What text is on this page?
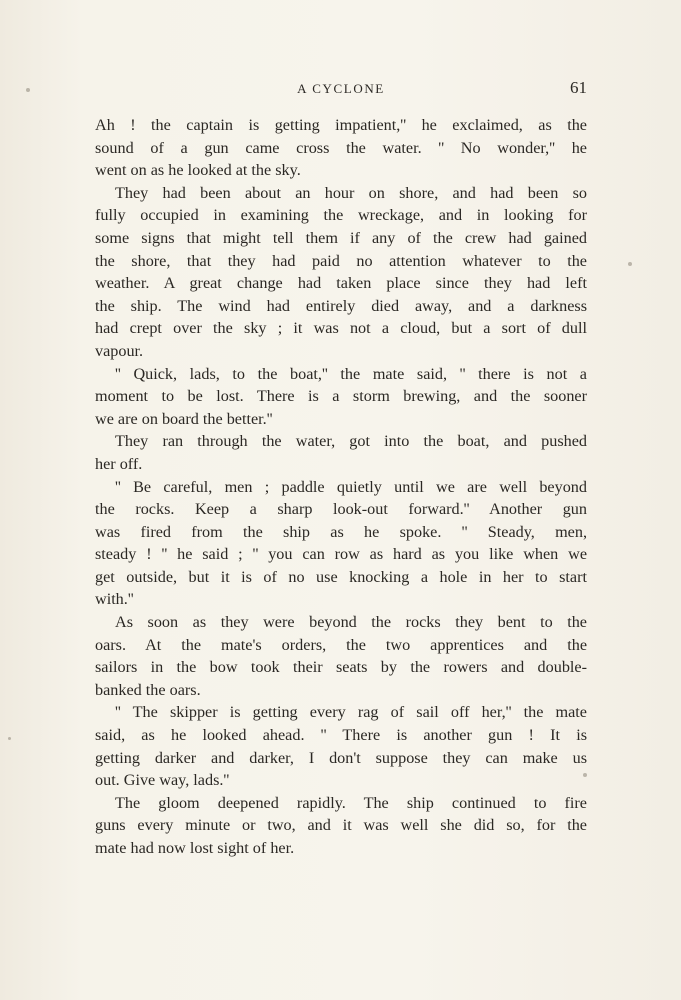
A CYCLONE	61
Ah ! the captain is getting impatient,'' he exclaimed, as the
sound of a gun came cross the water. '' No wonder,'' he
went on as he looked at the sky.
They had been about an hour on shore, and had been so
fully occupied in examining the wreckage, and in looking for
some signs that might tell them if any of the crew had gained
the shore, that they had paid no attention whatever to the
weather. A great change had taken place since they had left
the ship. The wind had entirely died away, and a darkness
had crept over the sky ; it was not a cloud, but a sort of dull
vapour.
'' Quick, lads, to the boat,'' the mate said, '' there is not a
moment to be lost. There is a storm brewing, and the sooner
we are on board the better.''
They ran through the water, got into the boat, and pushed
her off.
'' Be careful, men ; paddle quietly until we are well beyond
the rocks. Keep a sharp look-out forward.'' Another gun
was fired from the ship as he spoke. '' Steady, men,
steady ! '' he said ; '' you can row as hard as you like when we
get outside, but it is of no use knocking a hole in her to start
with.''
As soon as they were beyond the rocks they bent to the
oars. At the mate's orders, the two apprentices and the
sailors in the bow took their seats by the rowers and double-
banked the oars.
'' The skipper is getting every rag of sail off her,'' the mate
said, as he looked ahead. '' There is another gun ! It is
getting darker and darker, I don't suppose they can make us
out. Give way, lads.''
The gloom deepened rapidly. The ship continued to fire
guns every minute or two, and it was well she did so, for the
mate had now lost sight of her.
